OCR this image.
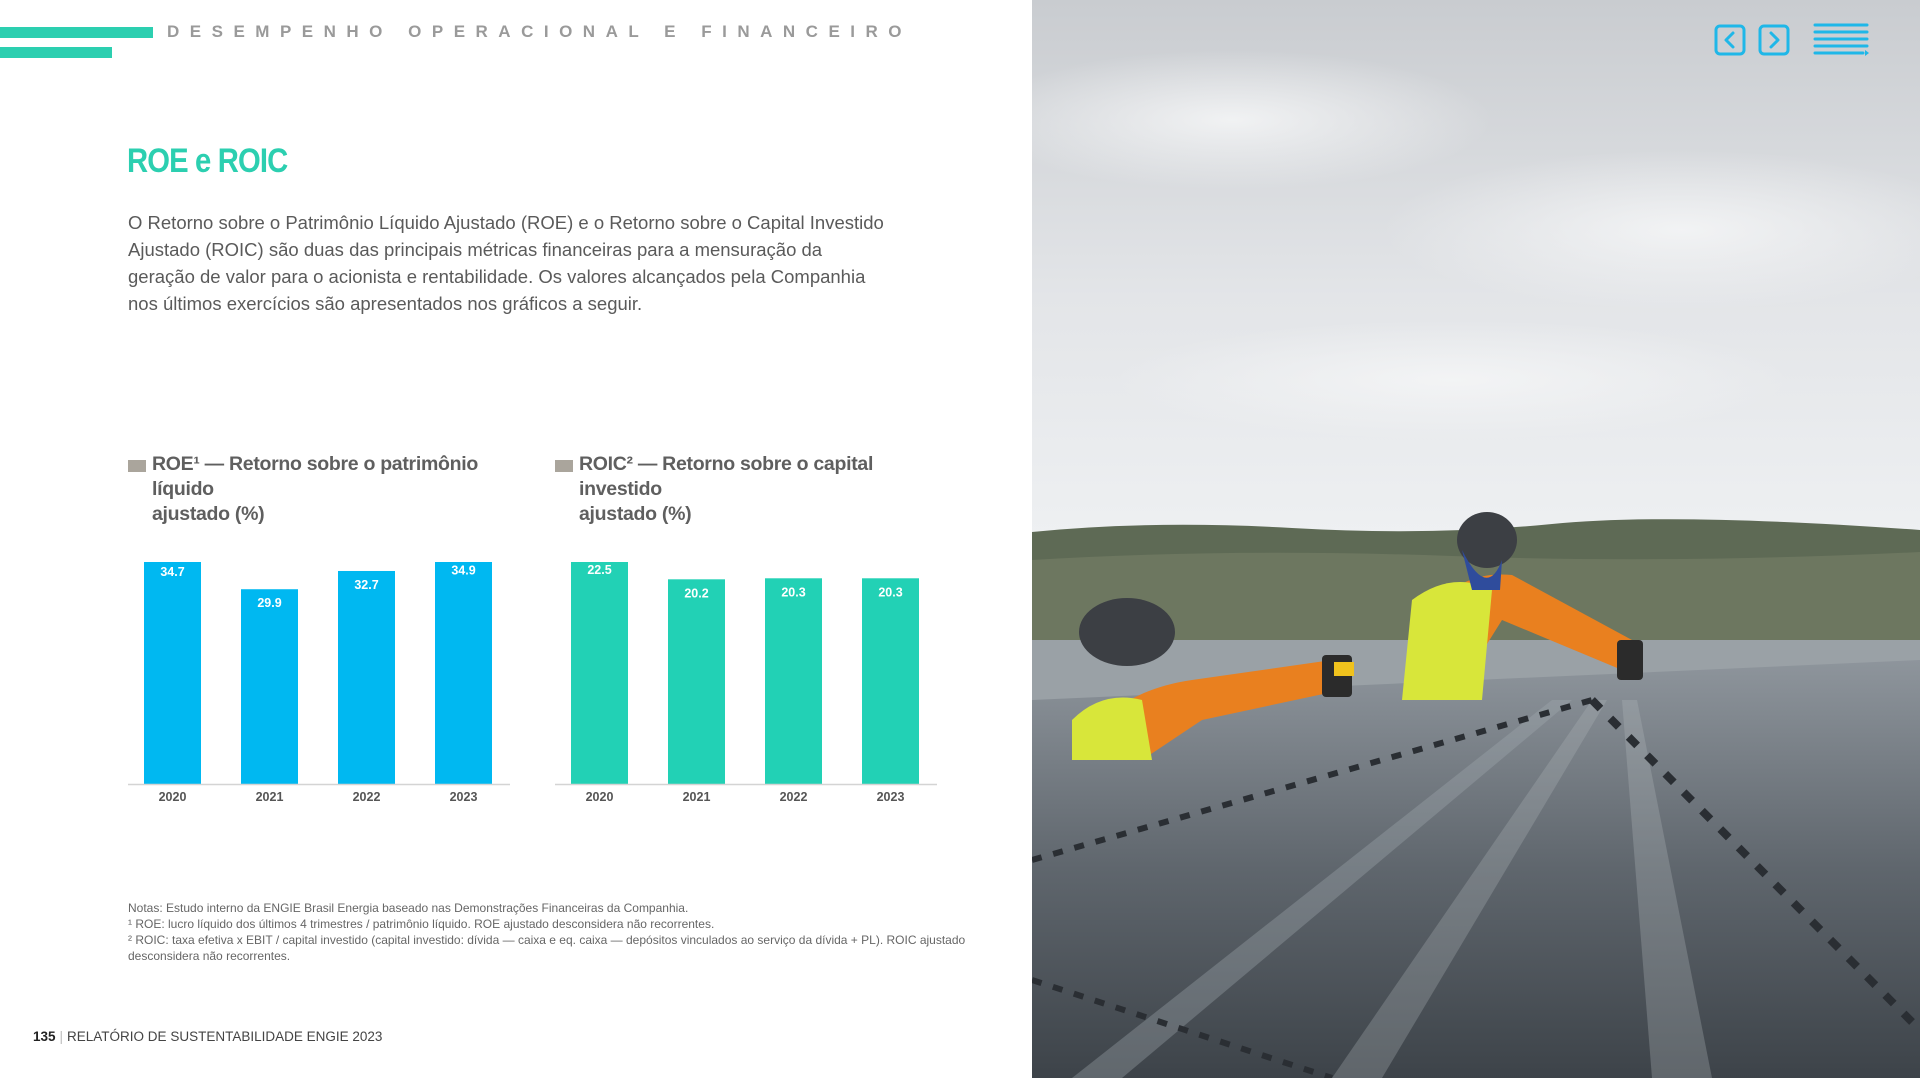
DESEMPENHO OPERACIONAL E FINANCEIRO
ROE e ROIC

O Retorno sobre o Patrimônio Líquido Ajustado (ROE) e o Retorno sobre o Capital Investido Ajustado (ROIC) são duas das principais métricas financeiras para a mensuração da geração de valor para o acionista e rentabilidade. Os valores alcançados pela Companhia nos últimos exercícios são apresentados nos gráficos a seguir.

ROE¹ — Retorno sobre o patrimônio líquido
ajustado (%)

34.7
2020
29.9
2021
32.7
2022
34.9
2023

ROIC² — Retorno sobre o capital investido
ajustado (%)

22.5
2020
20.2
2021
20.3
2022
20.3
2023

Notas: Estudo interno da ENGIE Brasil Energia baseado nas Demonstrações Financeiras da Companhia.

¹ ROE: lucro líquido dos últimos 4 trimestres / patrimônio líquido. ROE ajustado desconsidera não recorrentes.

² ROIC: taxa efetiva x EBIT / capital investido (capital investido: dívida — caixa e eq. caixa — depósitos vinculados ao serviço da dívida + PL). ROIC ajustado desconsidera não recorrentes.

135 | RELATÓRIO DE SUSTENTABILIDADE ENGIE 2023
